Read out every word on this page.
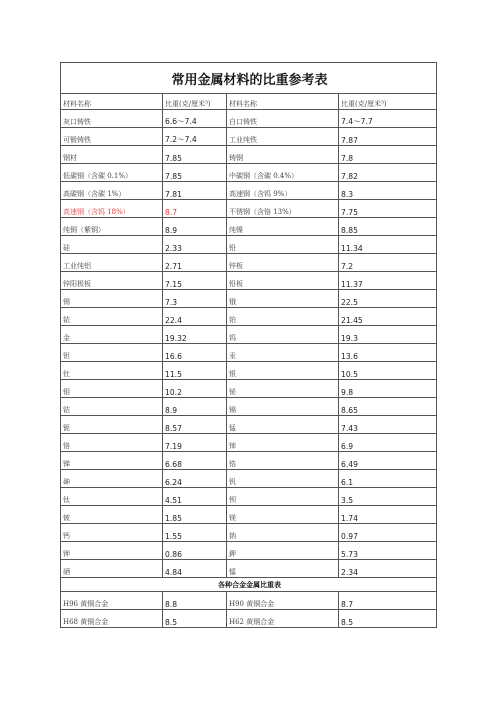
常用金属材料的比重参考表			
材料名称	比重(克/厘米³)	材料名称	比重(克/厘米³)
灰口铸铁	6.6～7.4	白口铸铁	7.4～7.7
可锻铸铁	7.2～7.4	工业纯铁	7.87
钢材	7.85	铸钢	7.8
低碳钢（含碳 0.1%）	7.85	中碳钢（含碳 0.4%）	7.82
高碳钢（含碳 1%）	7.81	高速钢（含钨 9%）	8.3
高速钢（含钨 18%）	8.7	不锈钢（含铬 13%）	7.75
纯铜（紫铜）	8.9	纯镍	8.85
硅	2.33	铅	11.34
工业纯铝	2.71	锌板	7.2
锌阳极板	7.15	铅板	11.37
锡	7.3	锇	22.5
铱	22.4	铂	21.45
金	19.32	钨	19.3
钽	16.6	汞	13.6
钍	11.5	银	10.5
钼	10.2	铋	9.8
钴	8.9	镉	8.65
铌	8.57	锰	7.43
铬	7.19	铈	6.9
锑	6.68	锆	6.49
砷	6.24	钒	6.1
钛	4.51	钡	3.5
铍	1.85	镁	1.74
钙	1.55	钠	0.97
钾	0.86	鉀	5.73
硒	4.84	镭	2.34
各种合金金属比重表			
H96 黄铜合金	8.8	H90 黄铜合金	8.7
H68 黄铜合金	8.5	H62 黄铜合金	8.5
